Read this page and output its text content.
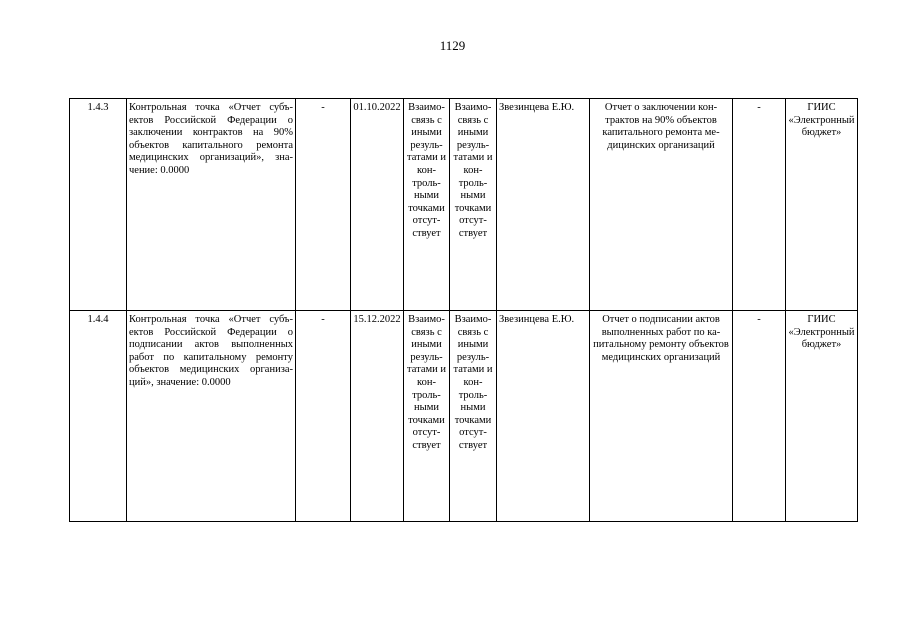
1129
1.4.3	Контрольная точка «Отчет субъектов Российской Федерации о заключении контрактов на 90% объектов капитального ремонта медицинских организаций», значение: 0.0000	-	01.10.2022	Взаимосвязь с иными результатами и контрольными точками отсутствует	Взаимосвязь с иными результатами и контрольными точками отсутствует	Звезинцева Е.Ю.	Отчет о заключении контрактов на 90% объектов капитального ремонта медицинских организаций	-	ГИИС «Электронный бюджет»
1.4.4	Контрольная точка «Отчет субъектов Российской Федерации о подписании актов выполненных работ по капитальному ремонту объектов медицинских организаций», значение: 0.0000	-	15.12.2022	Взаимосвязь с иными результатами и контрольными точками отсутствует	Взаимосвязь с иными результатами и контрольными точками отсутствует	Звезинцева Е.Ю.	Отчет о подписании актов выполненных работ по капитальному ремонту объектов медицинских организаций	-	ГИИС «Электронный бюджет»
